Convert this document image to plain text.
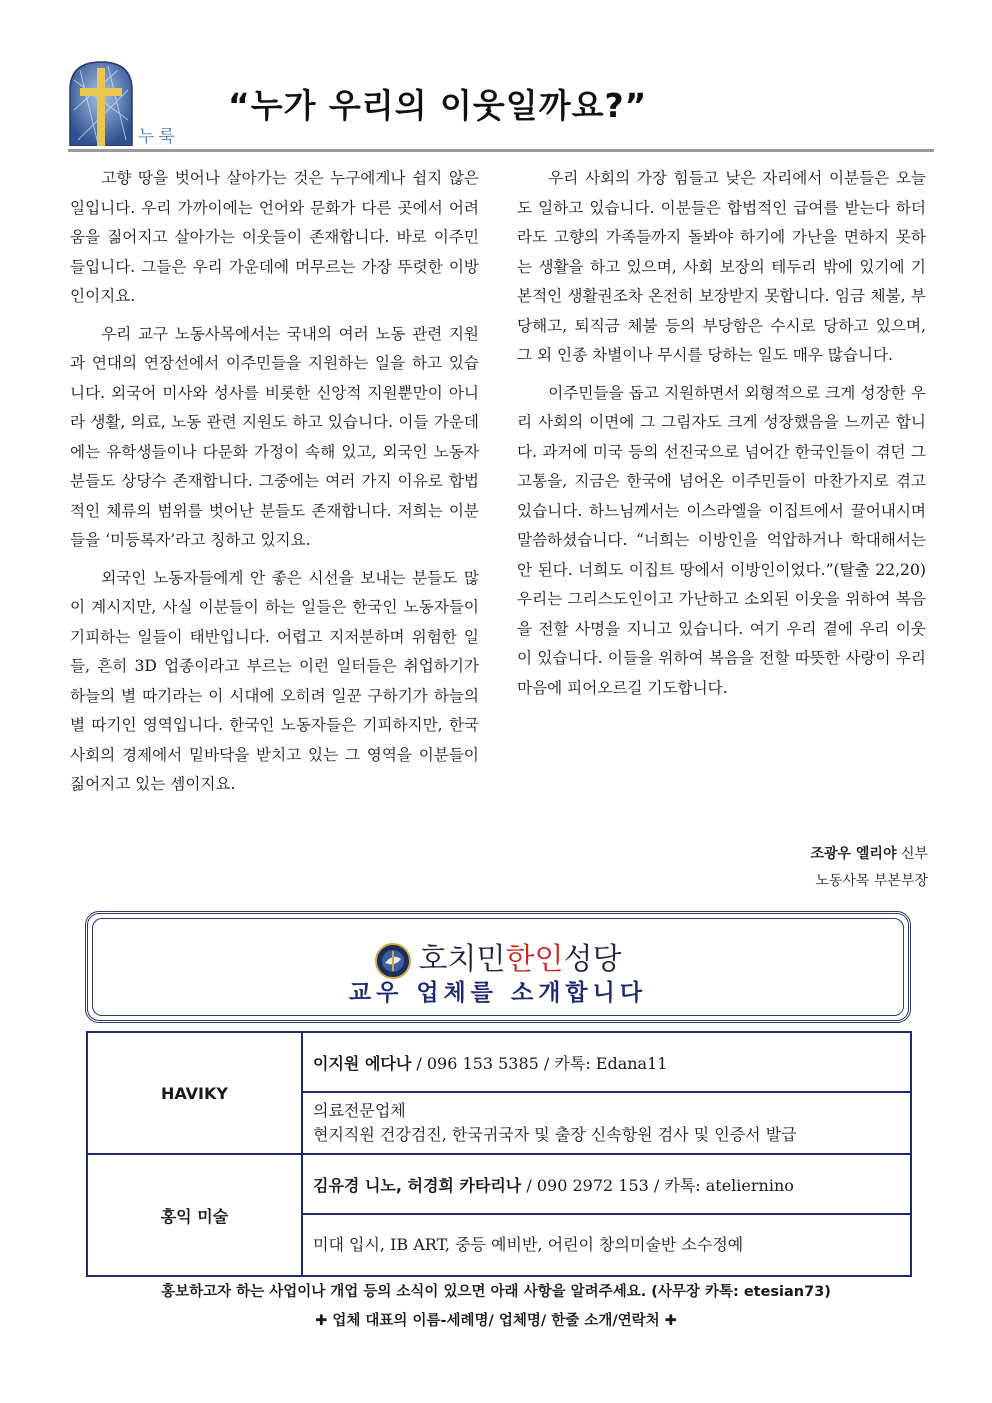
누룩
“누가 우리의 이웃일까요?”

고향 땅을 벗어나 살아가는 것은 누구에게나 쉽지 않은 일입니다. 우리 가까이에는 언어와 문화가 다른 곳에서 어려움을 짊어지고 살아가는 이웃들이 존재합니다. 바로 이주민들입니다. 그들은 우리 가운데에 머무르는 가장 뚜렷한 이방인이지요.

우리 교구 노동사목에서는 국내의 여러 노동 관련 지원과 연대의 연장선에서 이주민들을 지원하는 일을 하고 있습니다. 외국어 미사와 성사를 비롯한 신앙적 지원뿐만이 아니라 생활, 의료, 노동 관련 지원도 하고 있습니다. 이들 가운데에는 유학생들이나 다문화 가정이 속해 있고, 외국인 노동자 분들도 상당수 존재합니다. 그중에는 여러 가지 이유로 합법적인 체류의 범위를 벗어난 분들도 존재합니다. 저희는 이분들을 ‘미등록자’라고 칭하고 있지요.

외국인 노동자들에게 안 좋은 시선을 보내는 분들도 많이 계시지만, 사실 이분들이 하는 일들은 한국인 노동자들이 기피하는 일들이 태반입니다. 어렵고 지저분하며 위험한 일들, 흔히 3D 업종이라고 부르는 이런 일터들은 취업하기가 하늘의 별 따기라는 이 시대에 오히려 일꾼 구하기가 하늘의 별 따기인 영역입니다. 한국인 노동자들은 기피하지만, 한국 사회의 경제에서 밑바닥을 받치고 있는 그 영역을 이분들이 짊어지고 있는 셈이지요.

우리 사회의 가장 힘들고 낮은 자리에서 이분들은 오늘도 일하고 있습니다. 이분들은 합법적인 급여를 받는다 하더라도 고향의 가족들까지 돌봐야 하기에 가난을 면하지 못하는 생활을 하고 있으며, 사회 보장의 테두리 밖에 있기에 기본적인 생활권조차 온전히 보장받지 못합니다. 임금 체불, 부당해고, 퇴직금 체불 등의 부당함은 수시로 당하고 있으며, 그 외 인종 차별이나 무시를 당하는 일도 매우 많습니다.

이주민들을 돕고 지원하면서 외형적으로 크게 성장한 우리 사회의 이면에 그 그림자도 크게 성장했음을 느끼곤 합니다. 과거에 미국 등의 선진국으로 넘어간 한국인들이 겪던 그 고통을, 지금은 한국에 넘어온 이주민들이 마찬가지로 겪고 있습니다. 하느님께서는 이스라엘을 이집트에서 끌어내시며 말씀하셨습니다. “너희는 이방인을 억압하거나 학대해서는 안 된다. 너희도 이집트 땅에서 이방인이었다.”(탈출 22,20) 우리는 그리스도인이고 가난하고 소외된 이웃을 위하여 복음을 전할 사명을 지니고 있습니다. 여기 우리 곁에 우리 이웃이 있습니다. 이들을 위하여 복음을 전할 따뜻한 사랑이 우리 마음에 피어오르길 기도합니다.

조광우 엘리야 신부
노동사목 부본부장
호치민한인성당
교우 업체를 소개합니다
HAVIKY	이지원 에다나 / 096 153 5385 / 카톡: Edana11

	의료전문업체
현지직원 건강검진, 한국귀국자 및 출장 신속항원 검사 및 인증서 발급

홍익 미술	김유경 니노, 허경희 카타리나 / 090 2972 153 / 카톡: ateliernino

	미대 입시, IB ART, 중등 예비반, 어린이 창의미술반 소수정예
홍보하고자 하는 사업이나 개업 등의 소식이 있으면 아래 사항을 알려주세요. (사무장 카톡: etesian73)
✚ 업체 대표의 이름-세례명/ 업체명/ 한줄 소개/연락처 ✚
